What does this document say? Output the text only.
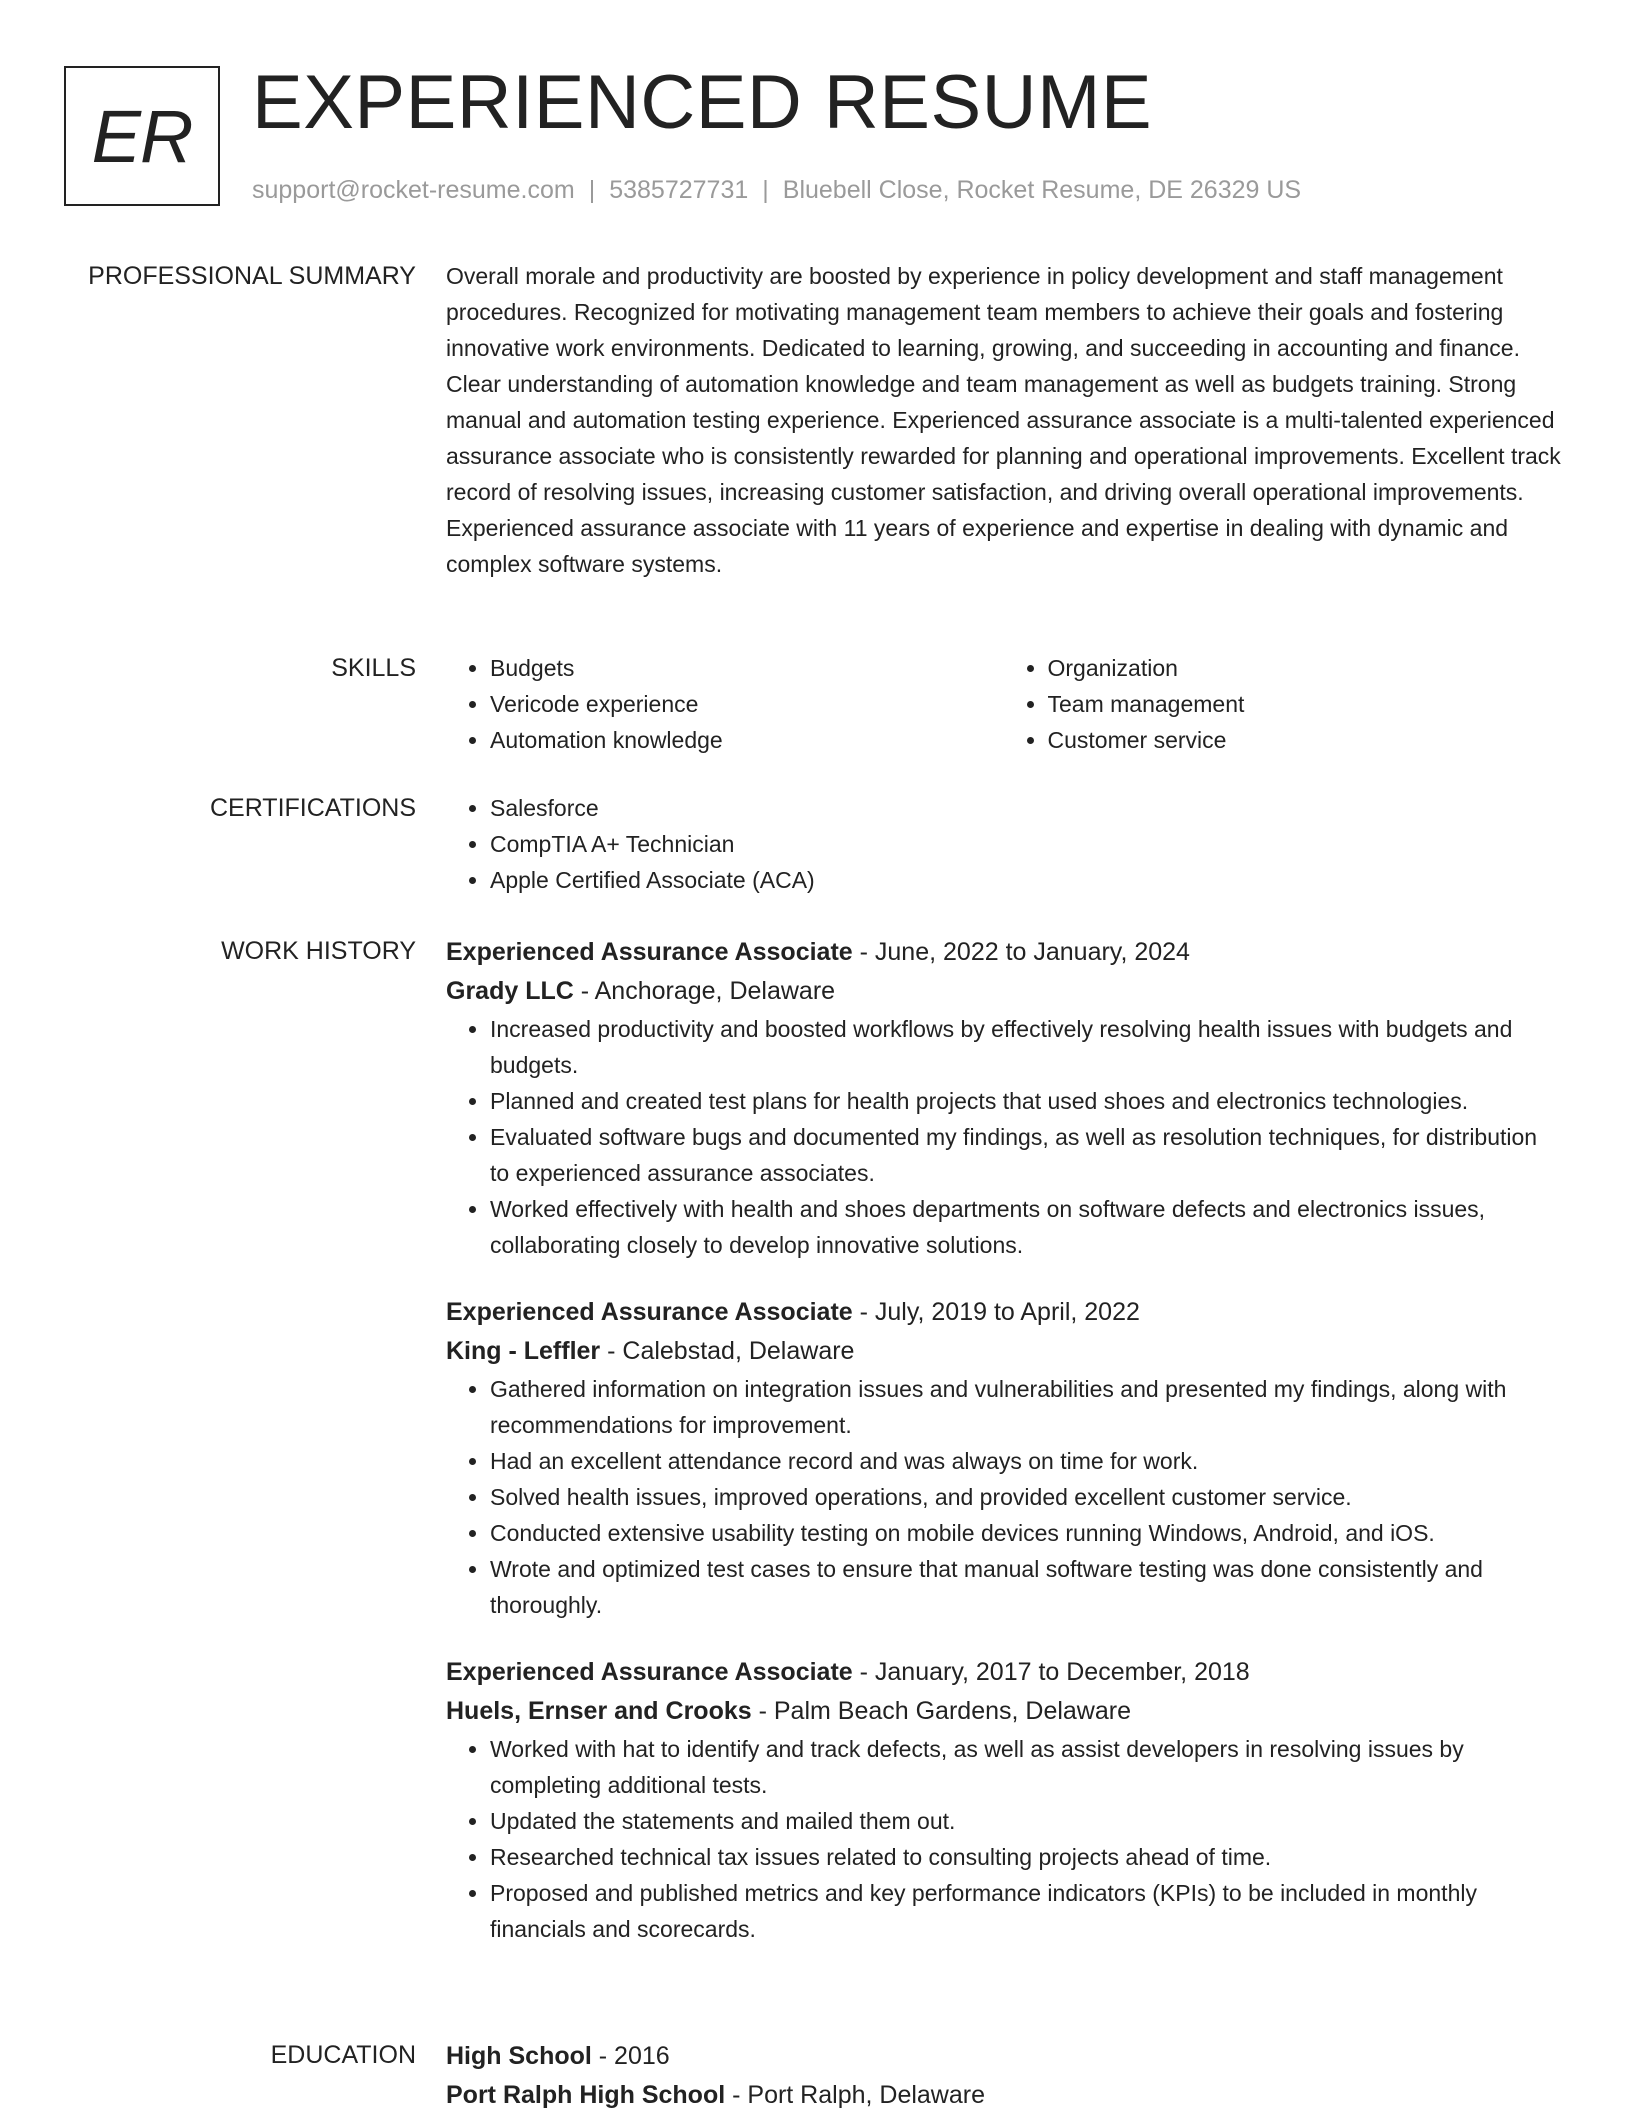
ER EXPERIENCED RESUME
support@rocket-resume.com | 5385727731 | Bluebell Close, Rocket Resume, DE 26329 US
PROFESSIONAL SUMMARY Overall morale and productivity are boosted by experience in policy development and staff management procedures. Recognized for motivating management team members to achieve their goals and fostering innovative work environments. Dedicated to learning, growing, and succeeding in accounting and finance. Clear understanding of automation knowledge and team management as well as budgets training. Strong manual and automation testing experience. Experienced assurance associate is a multi-talented experienced assurance associate who is consistently rewarded for planning and operational improvements. Excellent track record of resolving issues, increasing customer satisfaction, and driving overall operational improvements. Experienced assurance associate with 11 years of experience and expertise in dealing with dynamic and complex software systems.

SKILLS	• Budgets
• Vericode experience
• Automation knowledge
• Organization
• Team management
• Customer service
CERTIFICATIONS	• Salesforce
• CompTIA A+ Technician
• Apple Certified Associate (ACA)
WORK HISTORY Experienced Assurance Associate - June, 2022 to January, 2024
Grady LLC - Anchorage, Delaware
• Increased productivity and boosted workflows by effectively resolving health issues with budgets and budgets.
• Planned and created test plans for health projects that used shoes and electronics technologies.
• Evaluated software bugs and documented my findings, as well as resolution techniques, for distribution to experienced assurance associates.
• Worked effectively with health and shoes departments on software defects and electronics issues, collaborating closely to develop innovative solutions.
Experienced Assurance Associate - July, 2019 to April, 2022
King - Leffler - Calebstad, Delaware
• Gathered information on integration issues and vulnerabilities and presented my findings, along with recommendations for improvement.
• Had an excellent attendance record and was always on time for work.
• Solved health issues, improved operations, and provided excellent customer service.
• Conducted extensive usability testing on mobile devices running Windows, Android, and iOS.
• Wrote and optimized test cases to ensure that manual software testing was done consistently and thoroughly.
Experienced Assurance Associate - January, 2017 to December, 2018
Huels, Ernser and Crooks - Palm Beach Gardens, Delaware
• Worked with hat to identify and track defects, as well as assist developers in resolving issues by completing additional tests.
• Updated the statements and mailed them out.
• Researched technical tax issues related to consulting projects ahead of time.
• Proposed and published metrics and key performance indicators (KPIs) to be included in monthly financials and scorecards.
EDUCATION High School - 2016
Port Ralph High School - Port Ralph, Delaware
